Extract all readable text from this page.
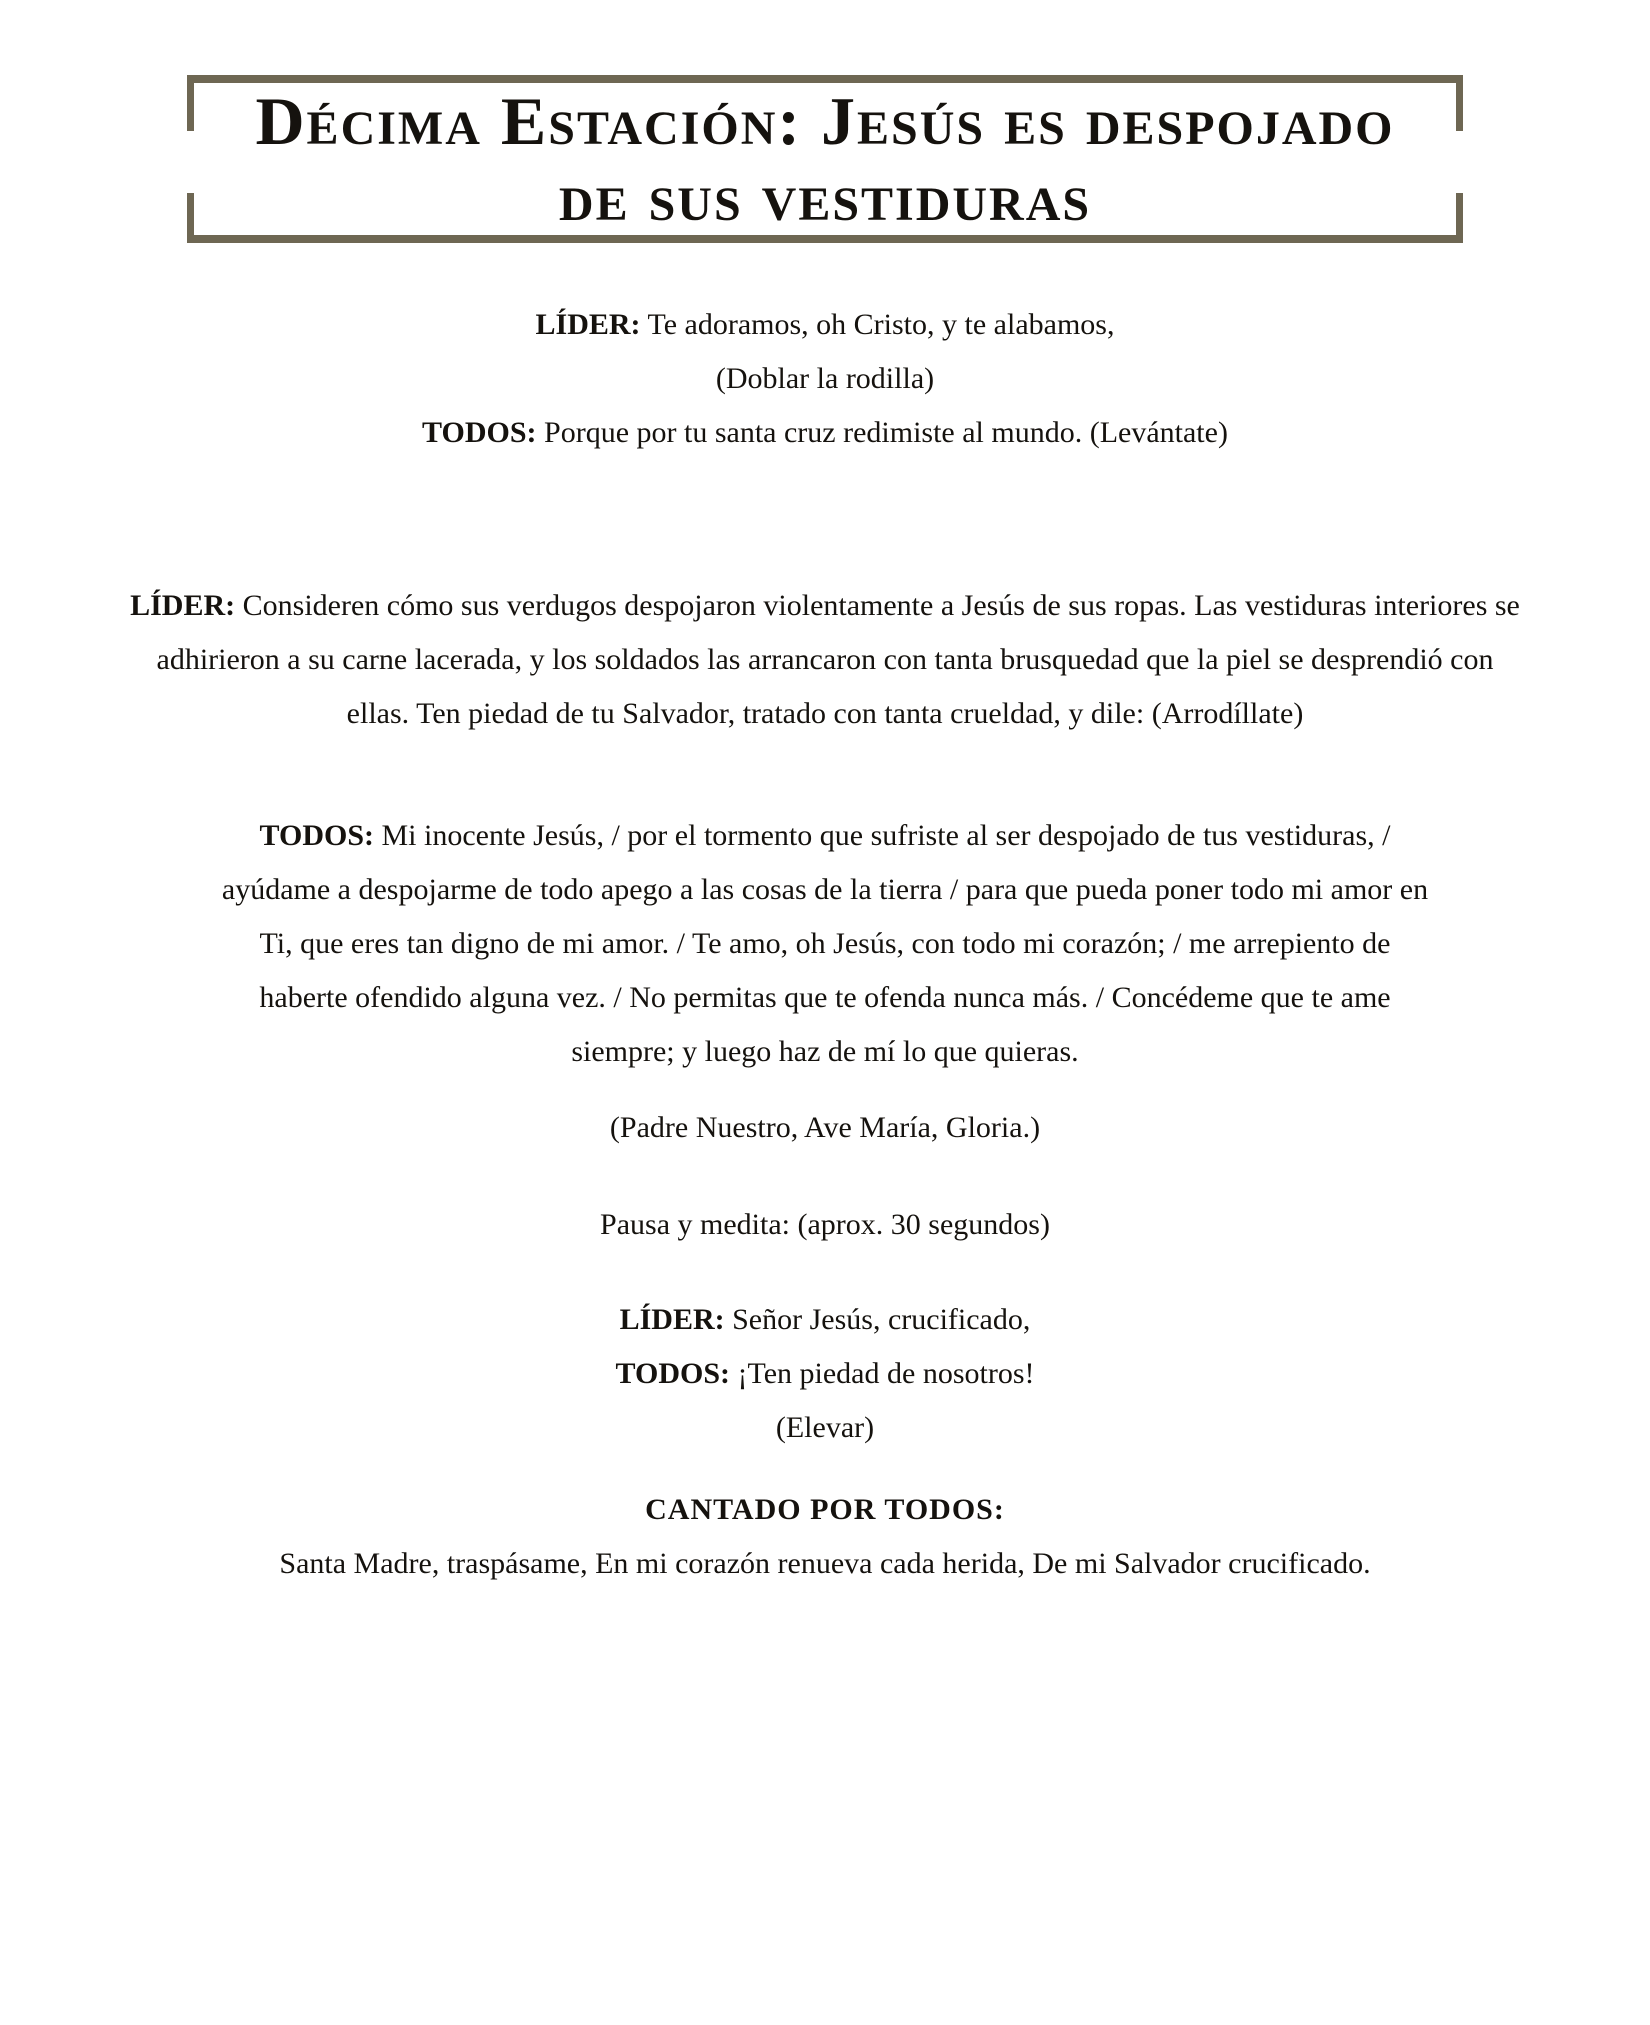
Décima Estación: Jesús es despojado de sus vestiduras

LÍDER: Te adoramos, oh Cristo, y te alabamos,

(Doblar la rodilla)

TODOS: Porque por tu santa cruz redimiste al mundo. (Levántate)

LÍDER: Consideren cómo sus verdugos despojaron violentamente a Jesús de sus ropas. Las vestiduras interiores se adhirieron a su carne lacerada, y los soldados las arrancaron con tanta brusquedad que la piel se desprendió con ellas. Ten piedad de tu Salvador, tratado con tanta crueldad, y dile: (Arrodíllate)

TODOS: Mi inocente Jesús, / por el tormento que sufriste al ser despojado de tus vestiduras, / ayúdame a despojarme de todo apego a las cosas de la tierra / para que pueda poner todo mi amor en Ti, que eres tan digno de mi amor. / Te amo, oh Jesús, con todo mi corazón; / me arrepiento de haberte ofendido alguna vez. / No permitas que te ofenda nunca más. / Concédeme que te ame siempre; y luego haz de mí lo que quieras.

(Padre Nuestro, Ave María, Gloria.)

Pausa y medita: (aprox. 30 segundos)

LÍDER: Señor Jesús, crucificado,

TODOS: ¡Ten piedad de nosotros!

(Elevar)

CANTADO POR TODOS:

Santa Madre, traspásame, En mi corazón renueva cada herida, De mi Salvador crucificado.
